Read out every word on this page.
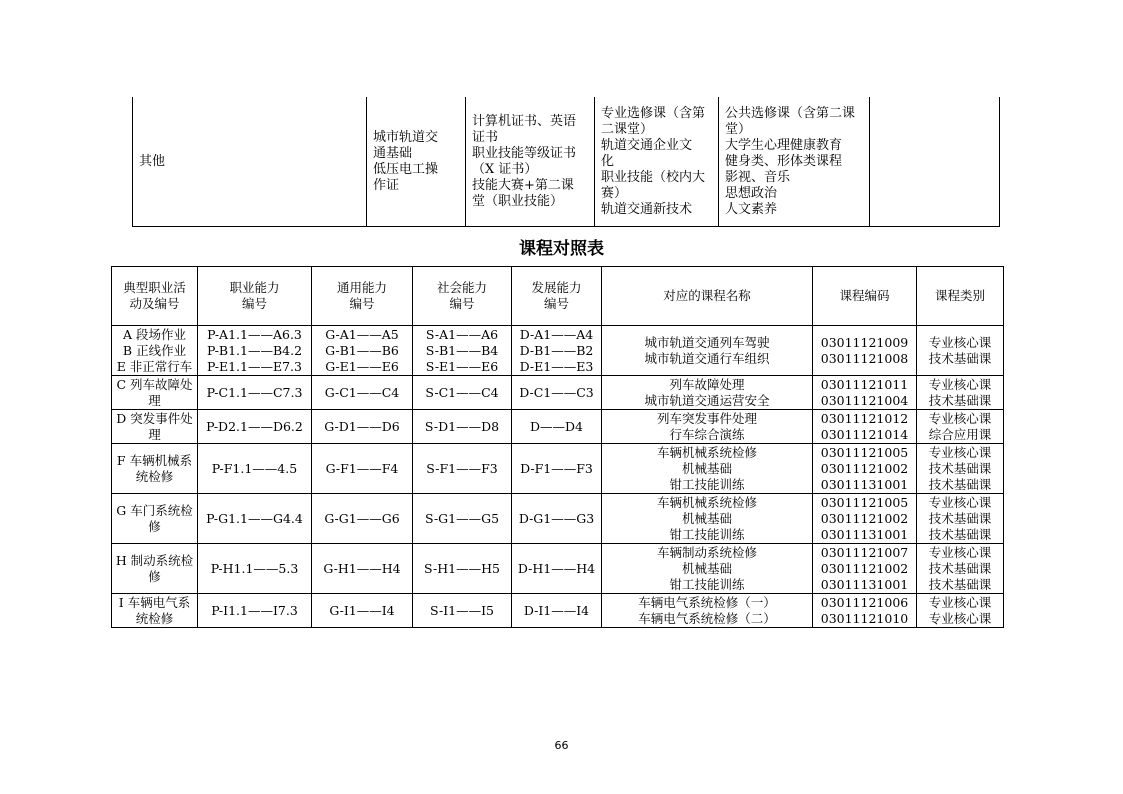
其他	城市轨道交
通基础
低压电工操
作证	计算机证书、英语
证书
职业技能等级证书
（X 证书）
技能大赛+第二课
堂（职业技能）	专业选修课（含第
二课堂）
轨道交通企业文
化
职业技能（校内大
赛）
轨道交通新技术	公共选修课（含第二课
堂）
大学生心理健康教育
健身类、形体类课程
影视、音乐
思想政治
人文素养	
课程对照表
典型职业活
动及编号	职业能力
编号	通用能力
编号	社会能力
编号	发展能力
编号	对应的课程名称	课程编码	课程类别
A 段场作业
B 正线作业
E 非正常行车	P-A1.1——A6.3
P-B1.1——B4.2
P-E1.1——E7.3	G-A1——A5
G-B1——B6
G-E1——E6	S-A1——A6
S-B1——B4
S-E1——E6	D-A1——A4
D-B1——B2
D-E1——E3	城市轨道交通列车驾驶
城市轨道交通行车组织	03011121009
03011121008	专业核心课
技术基础课
C 列车故障处
理	P-C1.1——C7.3	G-C1——C4	S-C1——C4	D-C1——C3	列车故障处理
城市轨道交通运营安全	03011121011
03011121004	专业核心课
技术基础课
D 突发事件处
理	P-D2.1——D6.2	G-D1——D6	S-D1——D8	D——D4	列车突发事件处理
行车综合演练	03011121012
03011121014	专业核心课
综合应用课
F 车辆机械系
统检修	P-F1.1——4.5	G-F1——F4	S-F1——F3	D-F1——F3	车辆机械系统检修
机械基础
钳工技能训练	03011121005
03011121002
03011131001	专业核心课
技术基础课
技术基础课
G 车门系统检
修	P-G1.1——G4.4	G-G1——G6	S-G1——G5	D-G1——G3	车辆机械系统检修
机械基础
钳工技能训练	03011121005
03011121002
03011131001	专业核心课
技术基础课
技术基础课
H 制动系统检
修	P-H1.1——5.3	G-H1——H4	S-H1——H5	D-H1——H4	车辆制动系统检修
机械基础
钳工技能训练	03011121007
03011121002
03011131001	专业核心课
技术基础课
技术基础课
I 车辆电气系
统检修	P-I1.1——I7.3	G-I1——I4	S-I1——I5	D-I1——I4	车辆电气系统检修（一）
车辆电气系统检修（二）	03011121006
03011121010	专业核心课
专业核心课
66
